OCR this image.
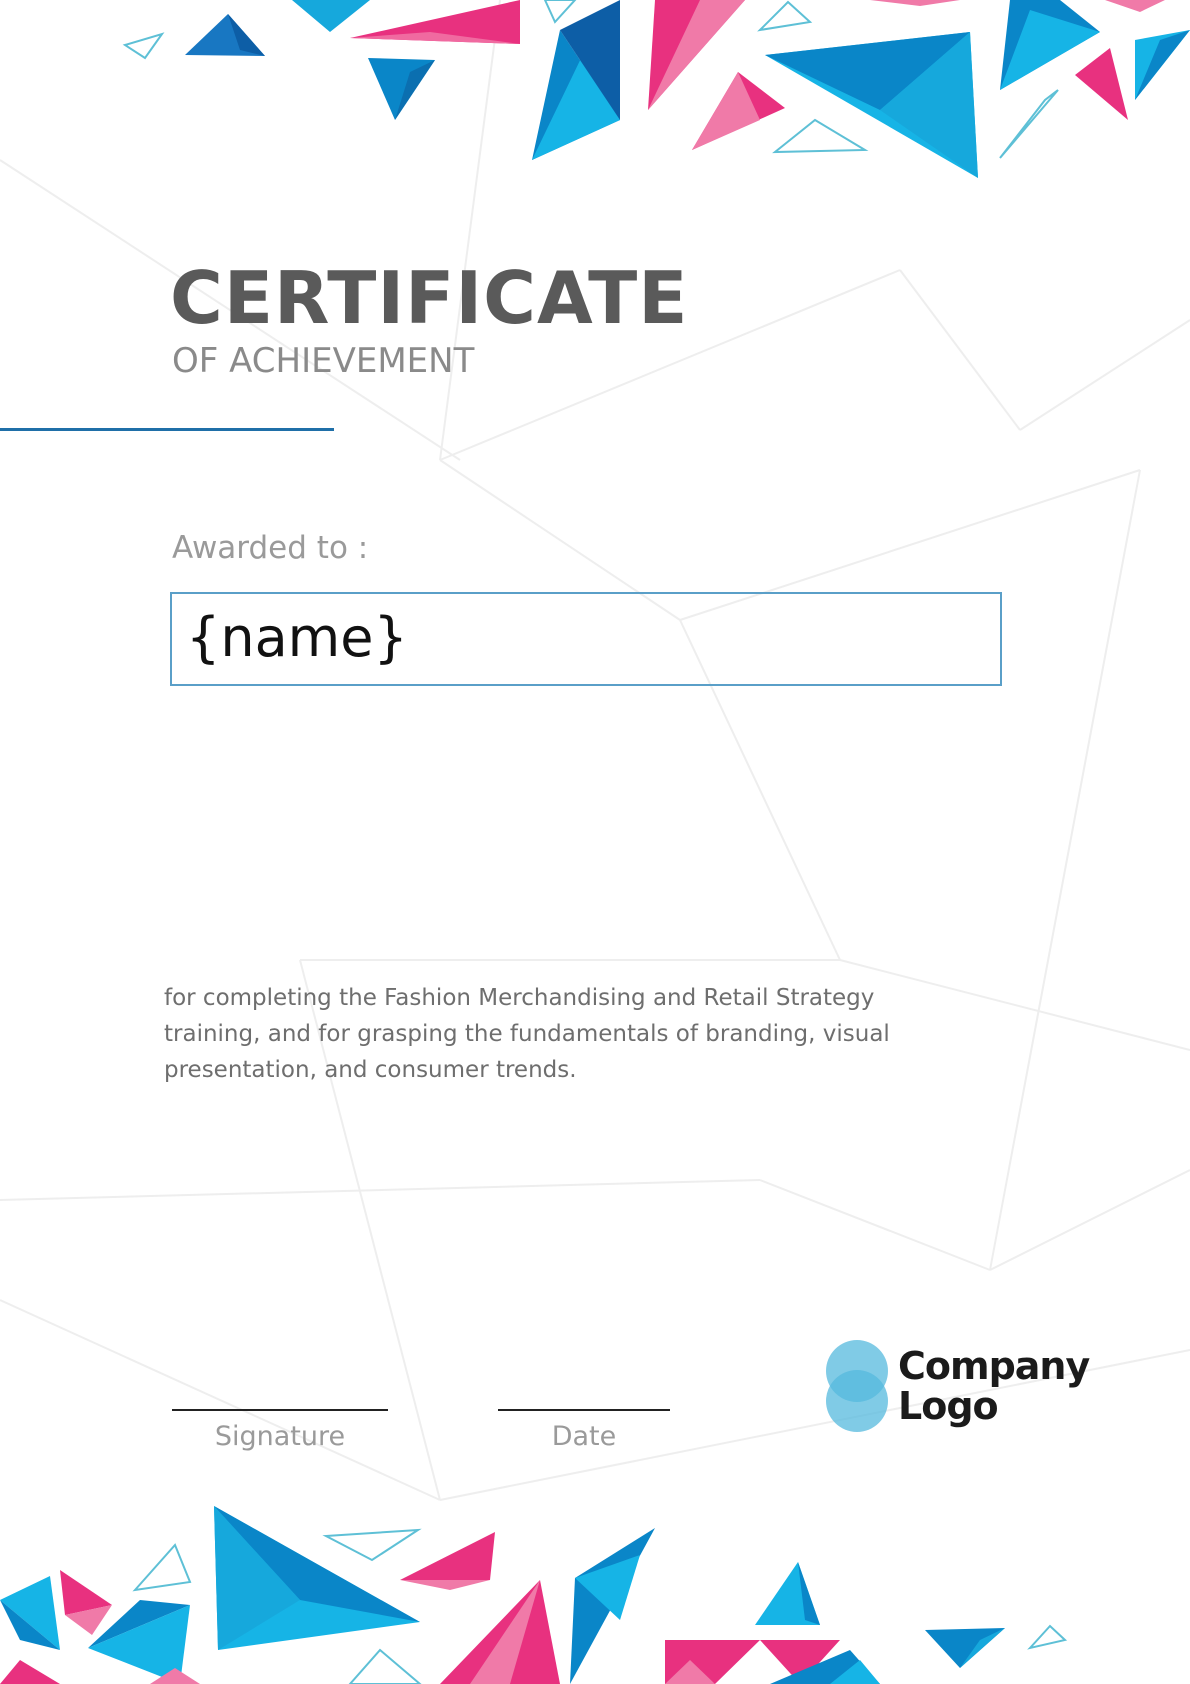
CERTIFICATE
OF ACHIEVEMENT
Awarded to :
{name}
for completing the Fashion Merchandising and Retail Strategy training, and for grasping the fundamentals of branding, visual presentation, and consumer trends.
Signature	Date
Company
Logo
